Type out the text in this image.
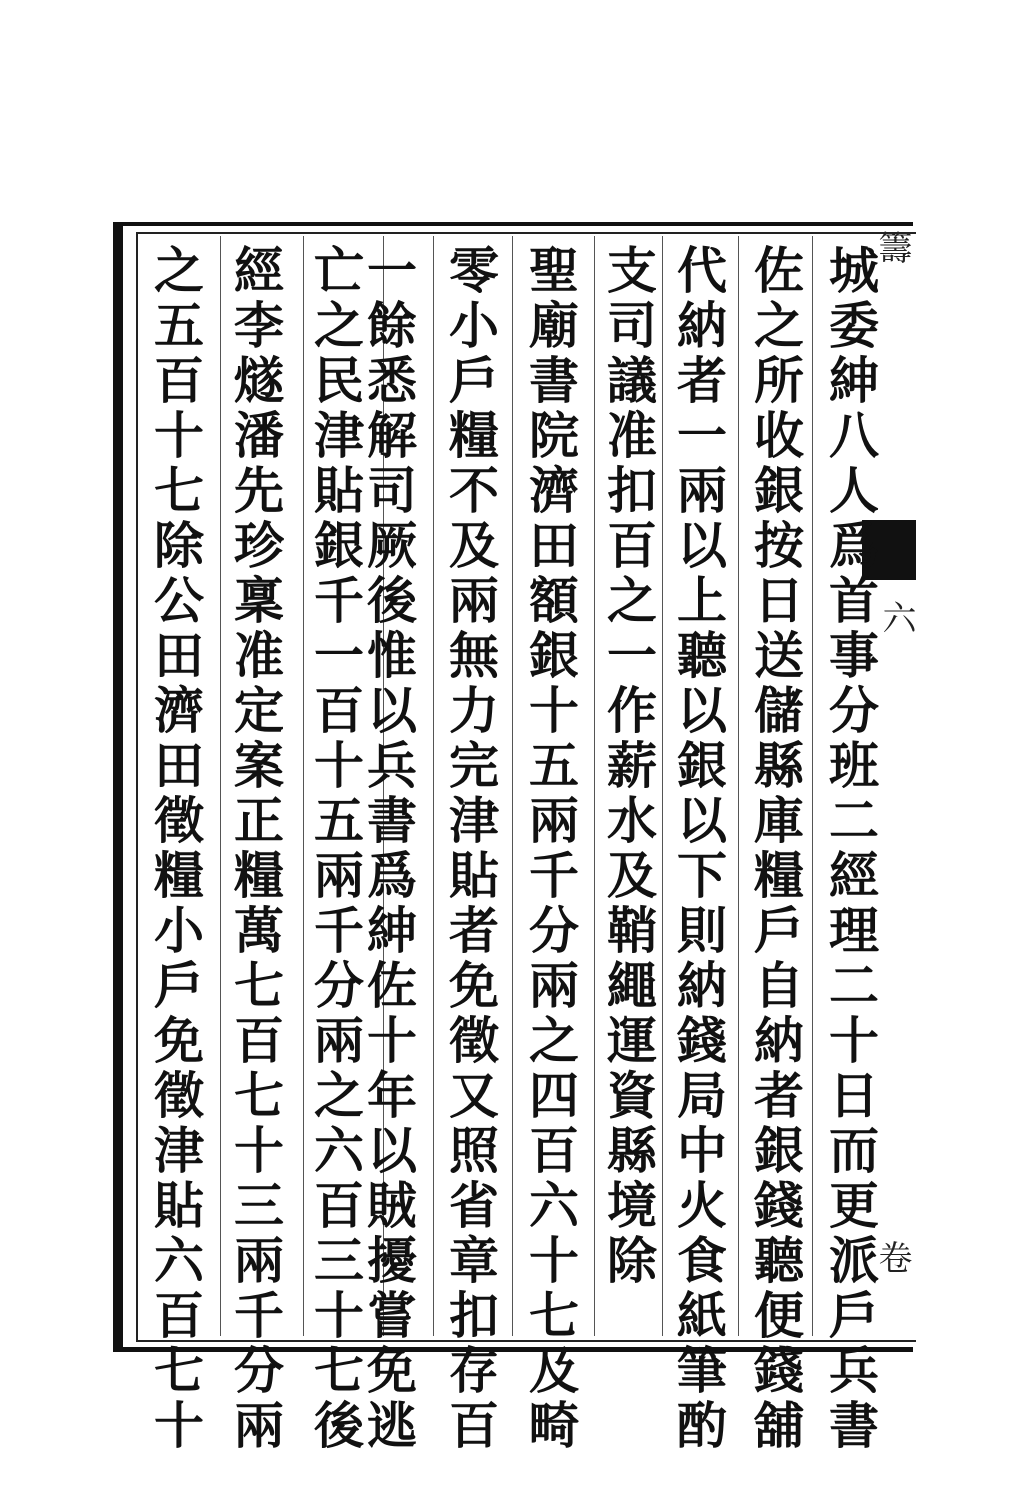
城委紳八人爲首事分班二經理二十日而更派戶兵書
佐之所收銀按日送儲縣庫糧戶自納者銀錢聽便錢舖
代納者一兩以上聽以銀以下則納錢局中火食紙筆酌
支司議准扣百之一作薪水及鞘繩運資縣境除
聖廟書院濟田額銀十五兩千分兩之四百六十七及畸
零小戶糧不及兩無力完津貼者免徵又照省章扣存百
一餘悉解司厥後惟以兵書爲紳佐十年以賊擾嘗免逃
亡之民津貼銀千一百十五兩千分兩之六百三十七後
經李燧潘先珍稟准定案正糧萬七百七十三兩千分兩
之五百十七除公田濟田徵糧小戶免徵津貼六百七十	籌
六
卷
